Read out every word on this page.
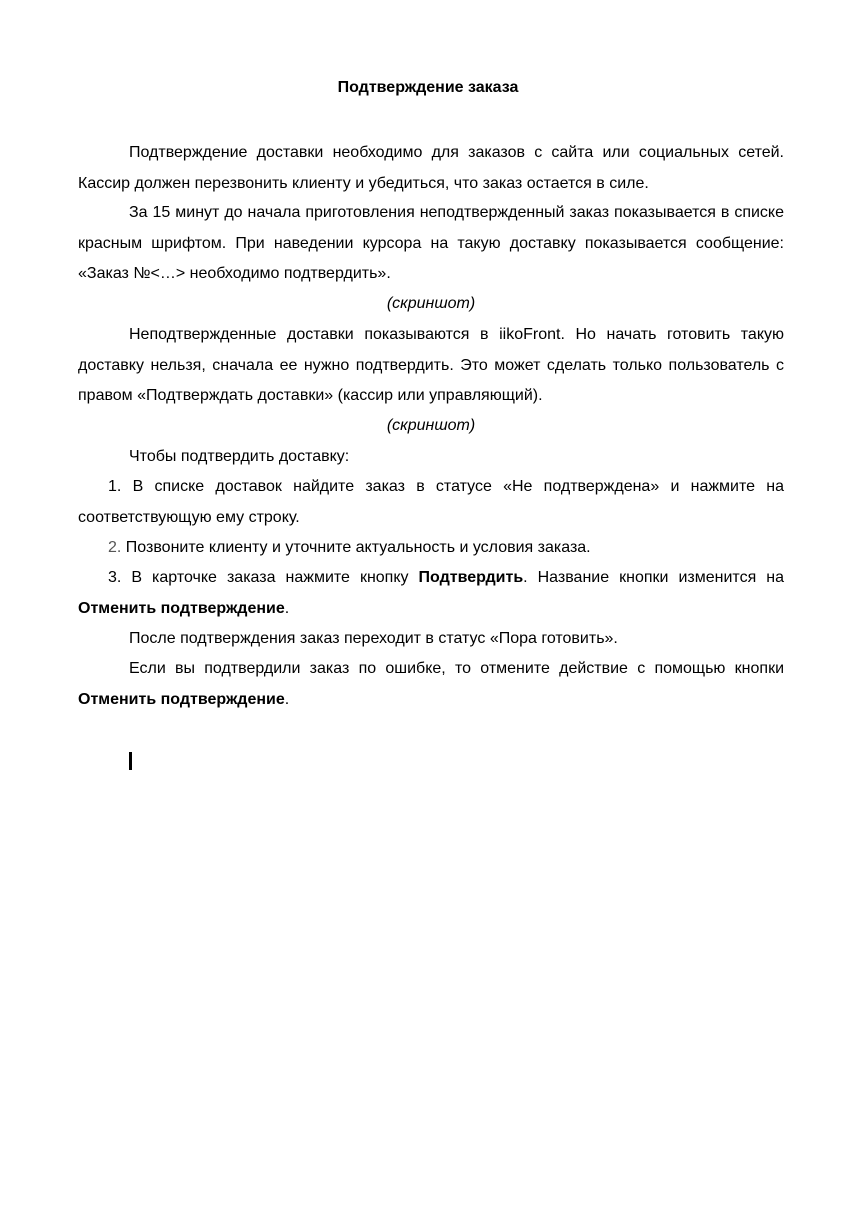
Подтверждение заказа

Подтверждение доставки необходимо для заказов с сайта или социальных сетей. Кассир должен перезвонить клиенту и убедиться, что заказ остается в силе.

За 15 минут до начала приготовления неподтвержденный заказ показывается в списке красным шрифтом. При наведении курсора на такую доставку показывается сообщение: «Заказ №<…> необходимо подтвердить».

(скриншот)

Неподтвержденные доставки показываются в iikoFront. Но начать готовить такую доставку нельзя, сначала ее нужно подтвердить. Это может сделать только пользователь с правом «Подтверждать доставки» (кассир или управляющий).

(скриншот)

Чтобы подтвердить доставку:

1. В списке доставок найдите заказ в статусе «Не подтверждена» и нажмите на соответствующую ему строку.

2. Позвоните клиенту и уточните актуальность и условия заказа.

3. В карточке заказа нажмите кнопку Подтвердить. Название кнопки изменится на Отменить подтверждение.

После подтверждения заказ переходит в статус «Пора готовить».

Если вы подтвердили заказ по ошибке, то отмените действие с помощью кнопки Отменить подтверждение.
